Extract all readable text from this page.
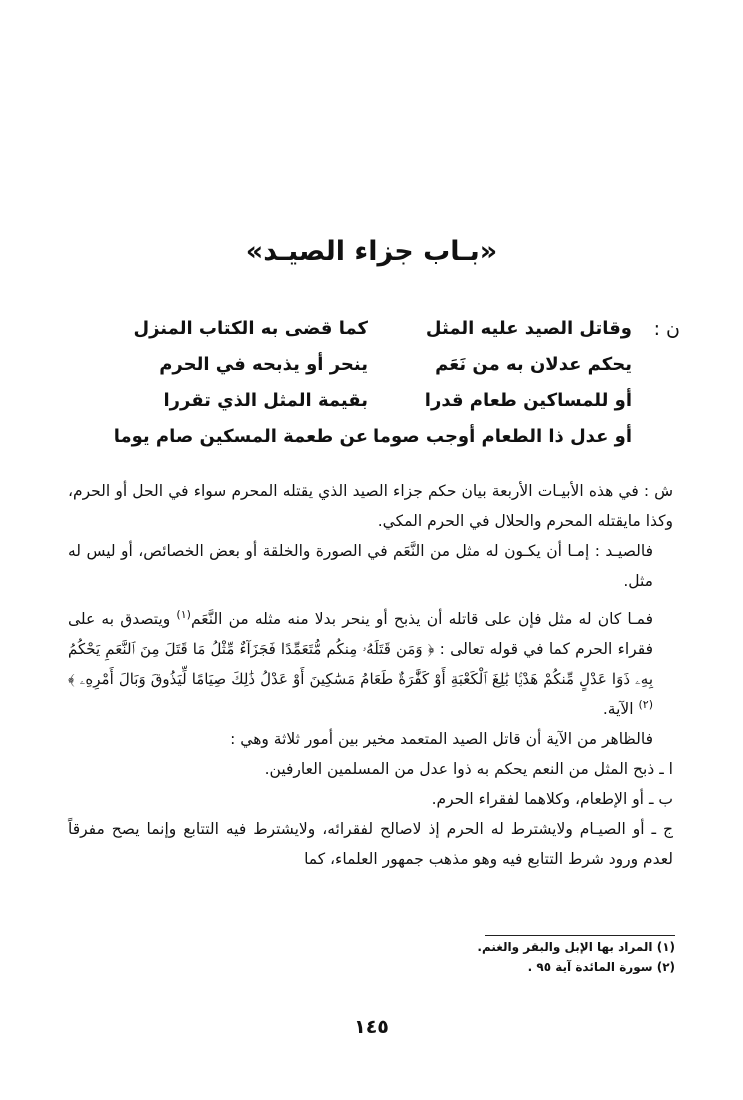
«بـاب جزاء الصيـد»
ن :
وقاتل الصيد عليه المثل
كما قضى به الكتاب المنزل
يحكم عدلان به من نَعَم
ينحر أو يذبحه في الحرم
أو للمساكين طعام قدرا
بقيمة المثل الذي تقررا
أو عدل ذا الطعام أوجب صوما
عن طعمة المسكين صام يوما

ش : في هذه الأبيـات الأربعة بيان حكم جزاء الصيد الذي يقتله المحرم سواء في الحل أو الحرم، وكذا مايقتله المحرم والحلال في الحرم المكي.

فالصيـد : إمـا أن يكـون له مثل من النَّعَم في الصورة والخلقة أو بعض الخصائص، أو ليس له مثل.

فمـا كان له مثل فإن على قاتله أن يذبح أو ينحر بدلا منه مثله من النَّعَم$^{(١)}$ ويتصدق به على فقراء الحرم كما في قوله تعالى : ﴿ وَمَن قَتَلَهُۥ مِنكُم مُّتَعَمِّدًا فَجَزَآءٌ مِّثْلُ مَا قَتَلَ مِنَ ٱلنَّعَمِ يَحْكُمُ بِهِۦ ذَوَا عَدْلٍ مِّنكُمْ هَدْيَۢا بَٰلِغَ ٱلْكَعْبَةِ أَوْ كَفَّٰرَةٌ طَعَامُ مَسَٰكِينَ أَوْ عَدْلُ ذَٰلِكَ صِيَامًا لِّيَذُوقَ وَبَالَ أَمْرِهِۦ ﴾ $^{(٢)}$ الآية.

فالظاهر من الآية أن قاتل الصيد المتعمد مخير بين أمور ثلاثة وهي :

ا ـ ذبح المثل من النعم يحكم به ذوا عدل من المسلمين العارفين.

ب ـ أو الإطعام، وكلاهما لفقراء الحرم.

ج ـ أو الصيـام ولايشترط له الحرم إذ لاصالح لفقرائه، ولايشترط فيه التتابع وإنما يصح مفرقاً لعدم ورود شرط التتابع فيه وهو مذهب جمهور العلماء، كما

(١) المراد بها الإبل والبقر والغنم.
(٢) سورة المائدة آية ٩٥ .
١٤٥
